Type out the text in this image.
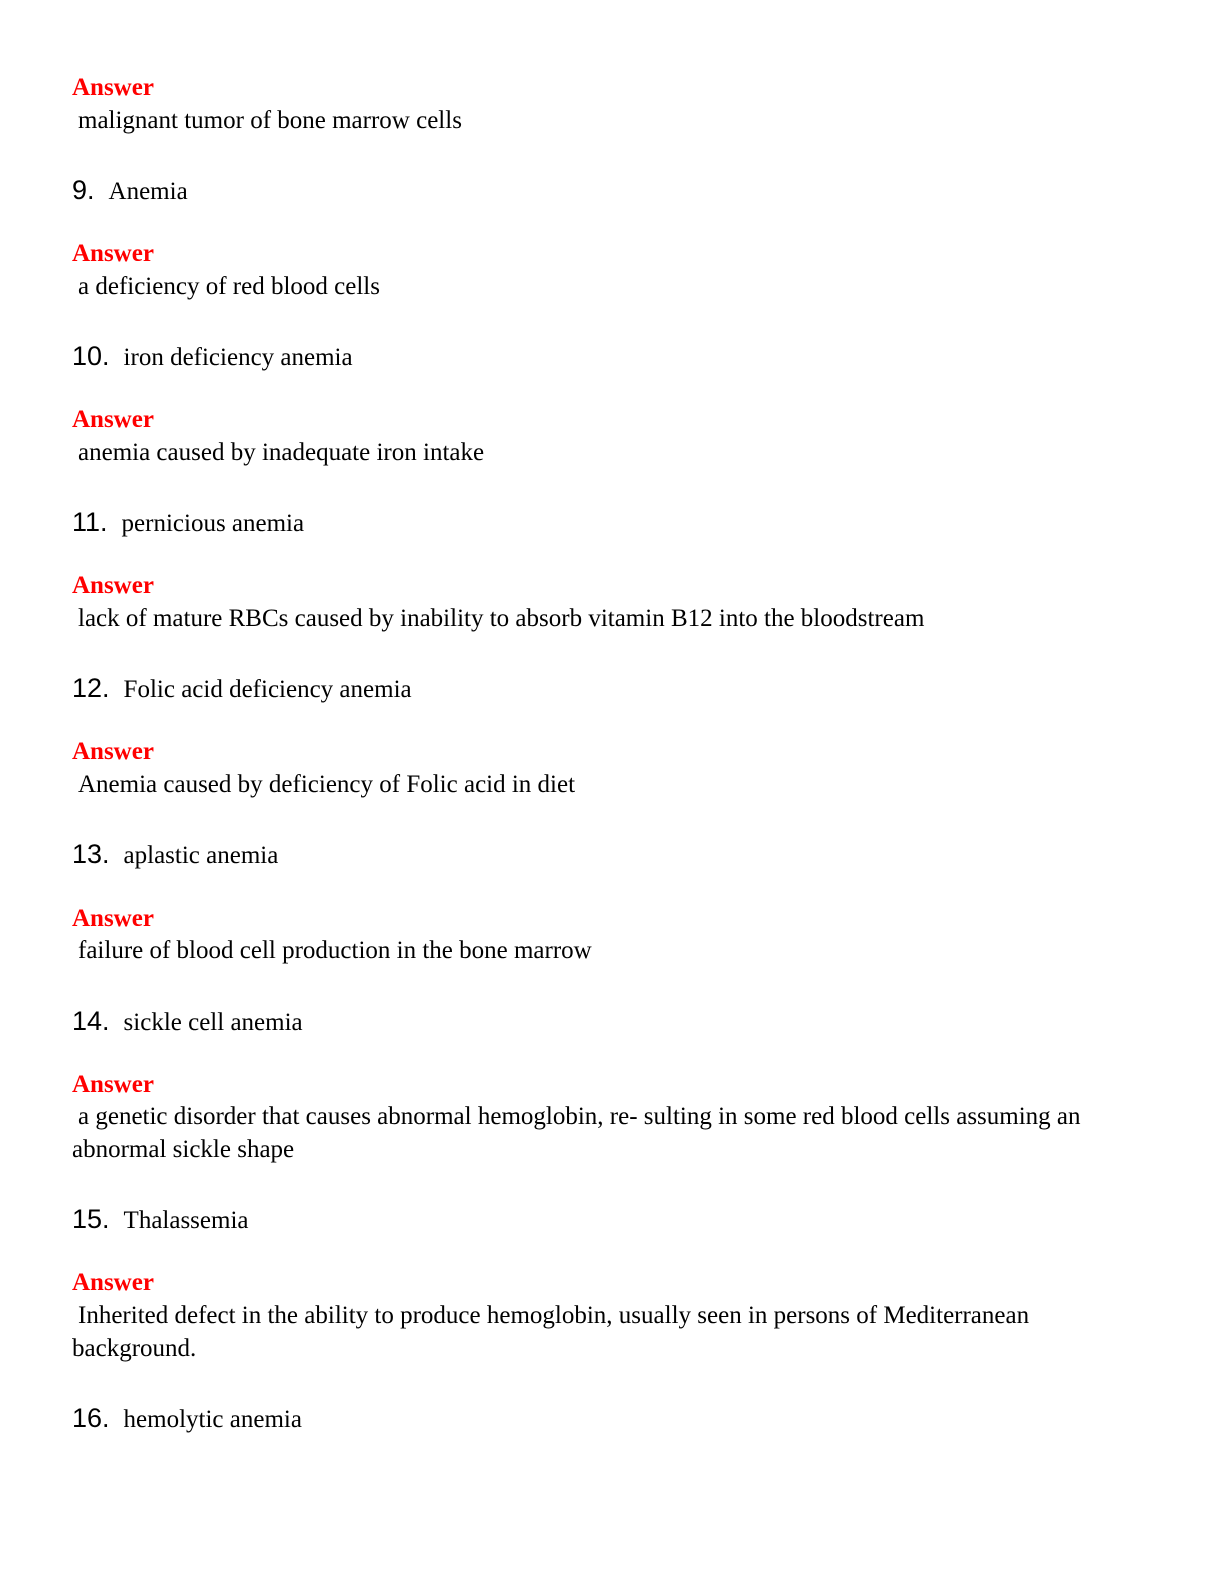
Answer
malignant tumor of bone marrow cells
9. Anemia
Answer
a deficiency of red blood cells
10. iron deficiency anemia
Answer
anemia caused by inadequate iron intake
11. pernicious anemia
Answer
lack of mature RBCs caused by inability to absorb vitamin B12 into the bloodstream
12. Folic acid deficiency anemia
Answer
Anemia caused by deficiency of Folic acid in diet
13. aplastic anemia
Answer
failure of blood cell production in the bone marrow
14. sickle cell anemia
Answer
a genetic disorder that causes abnormal hemoglobin, re- sulting in some red blood cells assuming an abnormal sickle shape
15. Thalassemia
Answer
Inherited defect in the ability to produce hemoglobin, usually seen in persons of Mediterranean background.
16. hemolytic anemia
